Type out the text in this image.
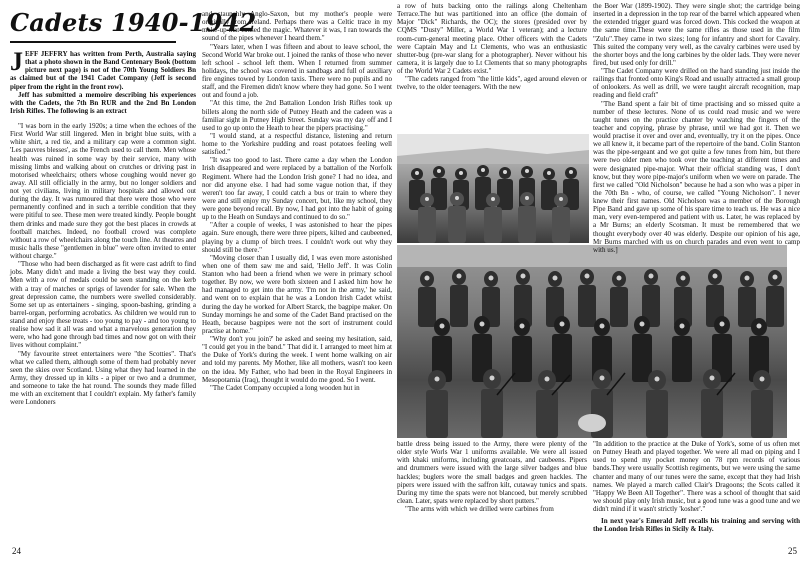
Cadets 1940-1942

JEFF JEFFRY has written from Perth, Australia saying that a photo shown in the Band Centenary Book (bottom picture next page) is not of the 70th Young Soldiers Bn as claimed but of the 1941 Cadet Company (Jeff is second piper from the right in the front row).
Jeff has submitted a memoire describing his experiences with the Cadets, the 7th Bn RUR and the 2nd Bn London Irish Rifles. The following is an extract

"I was born in the early 1920s; a time when the echoes of the First World War still lingered. Men in bright blue suits, with a white shirt, a red tie, and a military cap were a common sight. 'Les pauvres blesses', as the French used to call them. Men whose health was ruined in some way by their service, many with missing limbs and walking about on crutches or driving past in motorised wheelchairs; others whose coughing would never go away. All still officially in the army, but no longer soldiers and not yet civilians, living in military hospitals and allowed out during the day. It was rumoured that there were those who were permanently confined and in such a terrible condition that they were pitiful to see. These men were treated kindly. People bought them drinks and made sure they got the best places in crowds at football matches. Indeed, no football crowd was complete without a row of wheelchairs along the touch line. At theatres and music halls these "gentlemen in blue" were often invited to enter without charge."

"Those who had been discharged as fit were cast adrift to find jobs. Many didn't and made a living the best way they could. Men with a row of medals could be seen standing on the kerb with a tray of matches or sprigs of lavender for sale. When the great depression came, the numbers were swelled considerably. Some set up as entertainers - singing, spoon-bashing, grinding a barrel-organ, performing acrobatics. As children we would run to stand and enjoy these treats - too young to pay - and too young to realise how sad it all was and what a marvelous generation they were, who had gone through bad times and now got on with their lives without complaint."

"My favourite street entertainers were "the Scotties". That's what we called them, although some of them had probably never seen the skies over Scotland. Using what they had learned in the Army, they dressed up in kilts - a piper or two and a drummer, and someone to take the hat round. The sounds they made filled me with an excitement that I couldn't explain. My father's family were Londoners

and staunchly Anglo-Saxon, but my mother's people were originally from Ireland. Perhaps there was a Celtic trace in my make-up that caused the magic. Whatever it was, I ran towards the sound of the pipes whenever I heard them."

"Years later, when I was fifteen and about to leave school, the Second World War broke out. I joined the ranks of those who never left school - school left them. When I returned from summer holidays, the school was covered in sandbags and full of auxiliary fire engines towed by London taxis. There were no pupils and no staff, and the Firemen didn't know where they had gone. So I went out and found a job.

"At this time, the 2nd Battalion London Irish Rifles took up billets along the north side of Putney Heath and the cadeen was a familiar sight in Putney High Street. Sunday was my day off and I used to go up onto the Heath to hear the pipers practising."

"I would stand, at a respectful distance, listening and return home to the Yorkshire pudding and roast potatoes feeling well satisfied."

"It was too good to last. There came a day when the London Irish disappeared and were replaced by a battalion of the Norfolk Regiment. Where had the London Irish gone? I had no idea, and nor did anyone else. I had had some vague notion that, if they weren't too far away, I could catch a bus or train to where they were and still enjoy my Sunday concert, but, like my school, they were gone beyond recall. By now, I had got into the habit of going up to the Heath on Sundays and continued to do so."

"After a couple of weeks, I was astonished to hear the pipes again. Sure enough, there were three pipers, kilted and caubeened, playing by a clump of birch trees. I couldn't work out why they should still be there."

"Moving closer than I usually did, I was even more astonished when one of them saw me and said, 'Hello Jeff'. It was Colin Stanton who had been a friend when we were in primary school together. By now, we were both sixteen and I asked him how he had managed to get into the army. 'I'm not in the army,' he said, and went on to explain that he was a London Irish Cadet whilst during the day he worked for Albert Starck, the bagpipe maker. On Sunday mornings he and some of the Cadet Band practised on the Heath, because bagpipes were not the sort of instrument could practise at home."

"Why don't you join?' he asked and seeing my hesitation, said, "I could get you in the band." That did it. I arranged to meet him at the Duke of York's during the week. I went home walking on air and told my parents. My Mother, like all mothers, wasn't too keen on the idea. My Father, who had been in the Royal Engineers in Mesopotamia (Iraq), thought it would do me good. So I went.

"The Cadet Company occupied a long wooden hut in

24

a row of huts backing onto the railings along Cheltenham Terrace.The hut was partitioned into an office (the domain of Major "Dick" Richards, the OC); the stores (presided over by CQMS "Dusty" Miller, a World War 1 veteran); and a lecture room-cum-general meeting place. Other officers with the Cadets were Captain May and Lt Clements, who was an enthusiastic shutter-bug (pre-war slang for a photographer). Never without his camera, it is largely due to Lt Clements that so many photographs of the World War 2 Cadets exist."

"The cadets ranged from "the little kids", aged around eleven or twelve, to the older teenagers. With the new

battle dress being issued to the Army, there were plenty of the older style Worls War 1 uniforms available. We were all issued with khaki uniforms, including greatcoats, and caubeens. Pipers and drummers were issued with the large silver badges and blue hackles; buglers wore the small badges and green hackles. The pipers were issued with the saffron kilt, cutaway tunics and spats. During my time the spats were not blancoed, but merely scrubbed clean. Later, spats were replaced by short putters."

"The arms with which we drilled were carbines from

the Boer War (1899-1902). They were single shot; the cartridge being inserted in a depression in the top rear of the barrel which appeared when the extended trigger guard was forced down. This cocked the weapon at the same time.These were the same rifles as those used in the film "Zulu".They came in two sizes; long for infantry and short for Cavalry. This suited the company very well, as the cavalry carbines were used by the shorter boys and the long carbines by the older lads. They were never fired, but used only for drill."

"The Cadet Company were drilled on the hard standing just inside the railings that fronted onto King's Road and usually attracted a small group of onlookers. As well as drill, we were taught aircraft recognition, map reading and field craft"

"The Band spent a fair bit of time practising and so missed quite a number of these lectures. None of us could read music and we were taught tunes on the practice chanter by watching the fingers of the teacher and copying, phrase by phrase, until we had got it. Then we would practise it over and over and, eventually, try it on the pipes. Once we all knew it, it became part of the repertoire of the band. Colin Stanton was the pipe-sergeant and we got quite a few tunes from him, but there were two older men who took over the teaching at different times and were designated pipe-major. What their official standing was, I don't know, but they wore pipe-major's uniform when we were on parade. The first we called "Old Nicholson" because he had a son who was a piper in the 70th Bn - who, of course, we called "Young Nicholson". I never knew their first names. Old Nicholson was a member of the Borough Pipe Band and gave up some of his spare time to teach us. He was a nice man, very even-tempered and patient with us. Later, he was replaced by a Mr Burns; an elderly Scotsman. It must be remembered that we thought everybody over 40 was elderly. Despite our opinion of his age, Mr Burns marched with us on church parades and even went to camp with us.]

"In addition to the practice at the Duke of York's, some of us often met on Putney Heath and played together. We were all mad on piping and I used to spend my pocket money on 78 rpm records of various bands.They were usually Scottish regiments, but we were using the same chanter and many of our tunes were the same, except that they had Irish names. We played a march called Clair's Dragoons; the Scots called it "Happy We Been All Together". There was a school of thought that said we should play only Irish music, but a good tune was a good tune and we didn't mind if it wasn't strictly 'kosher'."

In next year's Emerald Jeff recalls his training and serving with the London Irish Rifles in Sicily & Italy.

25
